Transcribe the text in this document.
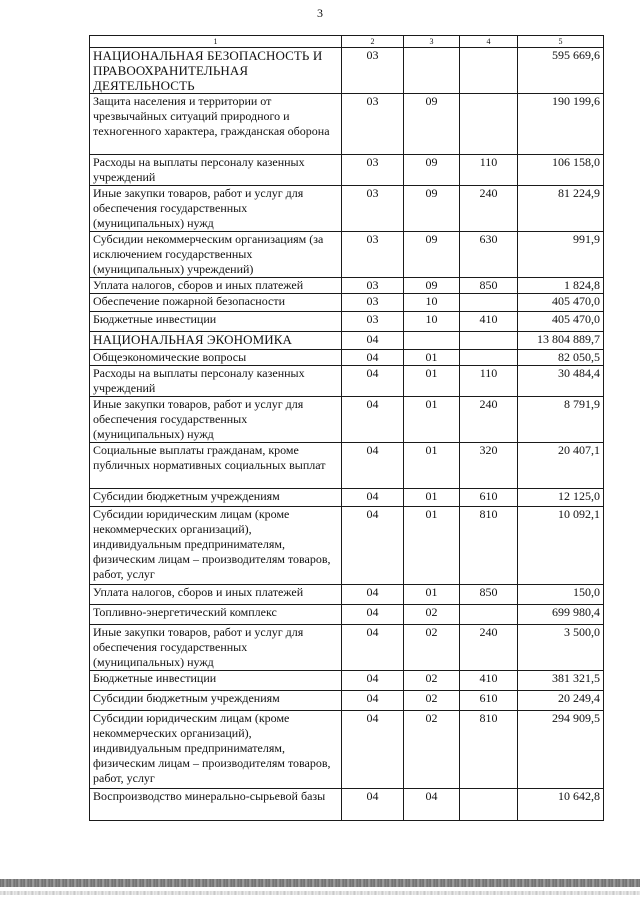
3
1	2	3	4	5
НАЦИОНАЛЬНАЯ БЕЗОПАСНОСТЬ И ПРАВООХРАНИТЕЛЬНАЯ ДЕЯТЕЛЬНОСТЬ	03			595 669,6
Защита населения и территории от чрезвычайных ситуаций природного и техногенного характера, гражданская оборона	03	09		190 199,6
Расходы на выплаты персоналу казенных учреждений	03	09	110	106 158,0
Иные закупки товаров, работ и услуг для обеспечения государственных (муниципальных) нужд	03	09	240	81 224,9
Субсидии некоммерческим организациям (за исключением государственных (муниципальных) учреждений)	03	09	630	991,9
Уплата налогов, сборов и иных платежей	03	09	850	1 824,8
Обеспечение пожарной безопасности	03	10		405 470,0
Бюджетные инвестиции	03	10	410	405 470,0
НАЦИОНАЛЬНАЯ ЭКОНОМИКА	04			13 804 889,7
Общеэкономические вопросы	04	01		82 050,5
Расходы на выплаты персоналу казенных учреждений	04	01	110	30 484,4
Иные закупки товаров, работ и услуг для обеспечения государственных (муниципальных) нужд	04	01	240	8 791,9
Социальные выплаты гражданам, кроме публичных нормативных социальных выплат	04	01	320	20 407,1
Субсидии бюджетным учреждениям	04	01	610	12 125,0
Субсидии юридическим лицам (кроме некоммерческих организаций), индивидуальным предпринимателям, физическим лицам – производителям товаров, работ, услуг	04	01	810	10 092,1
Уплата налогов, сборов и иных платежей	04	01	850	150,0
Топливно-энергетический комплекс	04	02		699 980,4
Иные закупки товаров, работ и услуг для обеспечения государственных (муниципальных) нужд	04	02	240	3 500,0
Бюджетные инвестиции	04	02	410	381 321,5
Субсидии бюджетным учреждениям	04	02	610	20 249,4
Субсидии юридическим лицам (кроме некоммерческих организаций), индивидуальным предпринимателям, физическим лицам – производителям товаров, работ, услуг	04	02	810	294 909,5
Воспроизводство минерально-сырьевой базы	04	04		10 642,8
